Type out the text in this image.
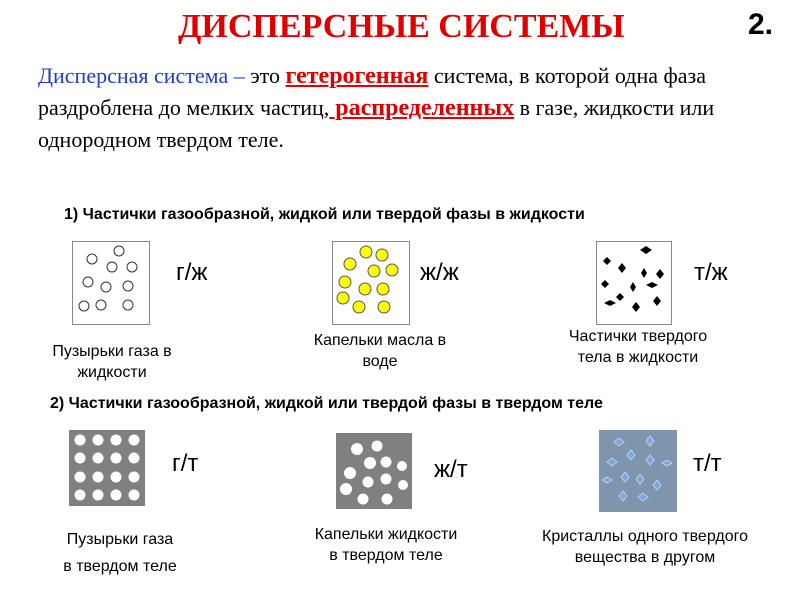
ДИСПЕРСНЫЕ СИСТЕМЫ	2.
Дисперсная система – это гетерогенная система, в которой одна фаза раздроблена до мелких частиц, распределенных в газе, жидкости или однородном твердом теле.
1) Частички газообразной, жидкой или твердой фазы в жидкости
г/ж
Пузырьки газа в
жидкости
ж/ж
Капельки масла в
воде
т/ж
Частички твердого
тела в жидкости
2) Частички газообразной, жидкой или твердой фазы в твердом теле
г/т
Пузырьки газа
в твердом теле
ж/т
Капельки жидкости
в твердом теле
т/т
Кристаллы одного твердого
вещества в другом
